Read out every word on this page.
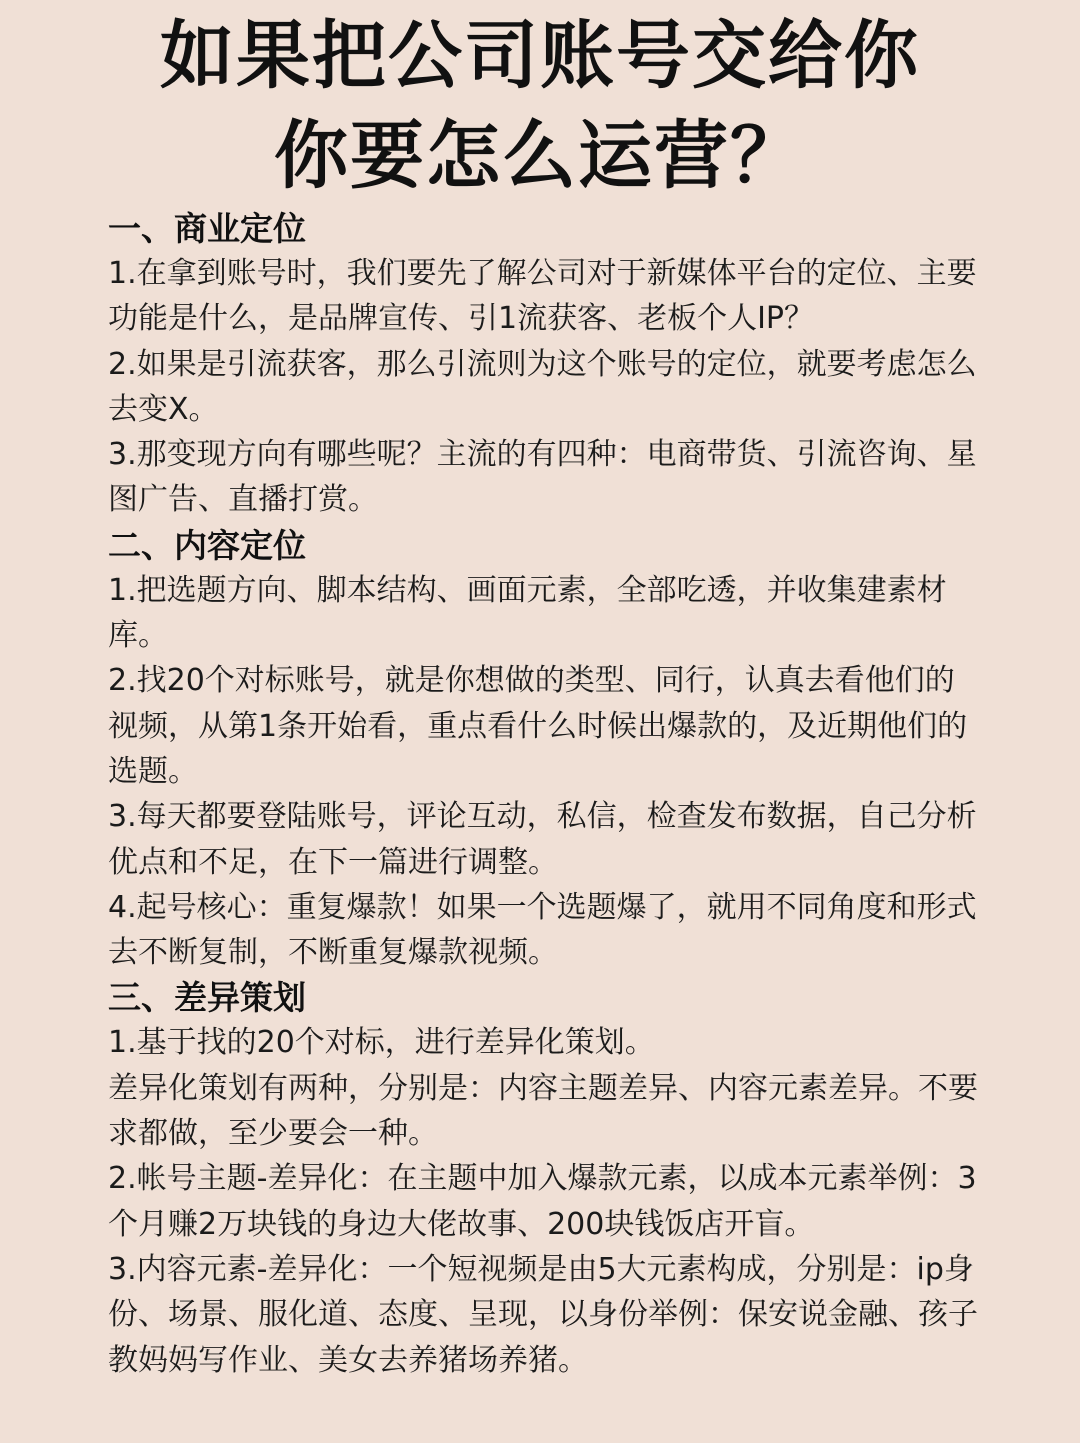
如果把公司账号交给你
你要怎么运营？

一、商业定位

1.在拿到账号时，我们要先了解公司对于新媒体平台的定位、主要功能是什么，是品牌宣传、引1流获客、老板个人IP？

2.如果是引流获客，那么引流则为这个账号的定位，就要考虑怎么去变X。

3.那变现方向有哪些呢？主流的有四种：电商带货、引流咨询、星图广告、直播打赏。

二、内容定位

1.把选题方向、脚本结构、画面元素，全部吃透，并收集建素材库。

2.找20个对标账号，就是你想做的类型、同行，认真去看他们的视频，从第1条开始看，重点看什么时候出爆款的，及近期他们的选题。

3.每天都要登陆账号，评论互动，私信，检查发布数据，自己分析优点和不足，在下一篇进行调整。

4.起号核心：重复爆款！如果一个选题爆了，就用不同角度和形式去不断复制，不断重复爆款视频。

三、差异策划

1.基于找的20个对标，进行差异化策划。

差异化策划有两种，分别是：内容主题差异、内容元素差异。不要求都做，至少要会一种。

2.帐号主题-差异化：在主题中加入爆款元素，以成本元素举例：3个月赚2万块钱的身边大佬故事、200块钱饭店开盲。

3.内容元素-差异化：一个短视频是由5大元素构成，分别是：ip身份、场景、服化道、态度、呈现，以身份举例：保安说金融、孩子教妈妈写作业、美女去养猪场养猪。
